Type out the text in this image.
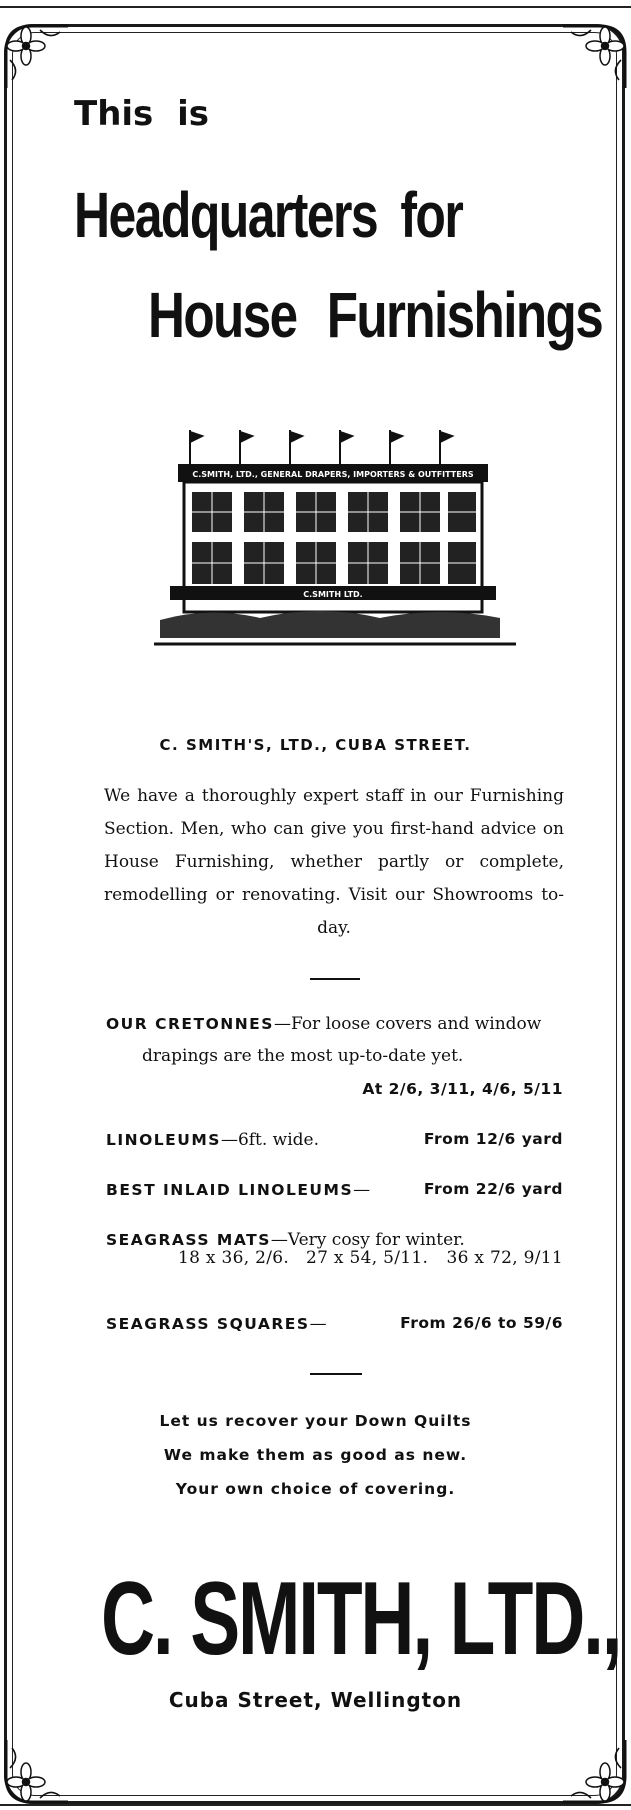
This is

Headquarters for

House Furnishings

C.SMITH, LTD., GENERAL DRAPERS, IMPORTERS & OUTFITTERS
C.SMITH LTD.

C. SMITH'S, LTD., CUBA STREET.

We have a thoroughly expert staff in our Furnishing Section. Men, who can give you first-hand advice on House Furnishing, whether partly or complete, remodelling or renovating. Visit our Showrooms to-day.

OUR CRETONNES—For loose covers and window
drapings are the most up-to-date yet.
At 2/6, 3/11, 4/6, 5/11
LINOLEUMS—6ft. wide.	From 12/6 yard
BEST INLAID LINOLEUMS—	From 22/6 yard
SEAGRASS MATS—Very cosy for winter.
18 x 36, 2/6. 27 x 54, 5/11. 36 x 72, 9/11
SEAGRASS SQUARES—	From 26/6 to 59/6

Let us recover your Down Quilts

We make them as good as new.

Your own choice of covering.

C. SMITH, LTD.,

Cuba Street, Wellington
